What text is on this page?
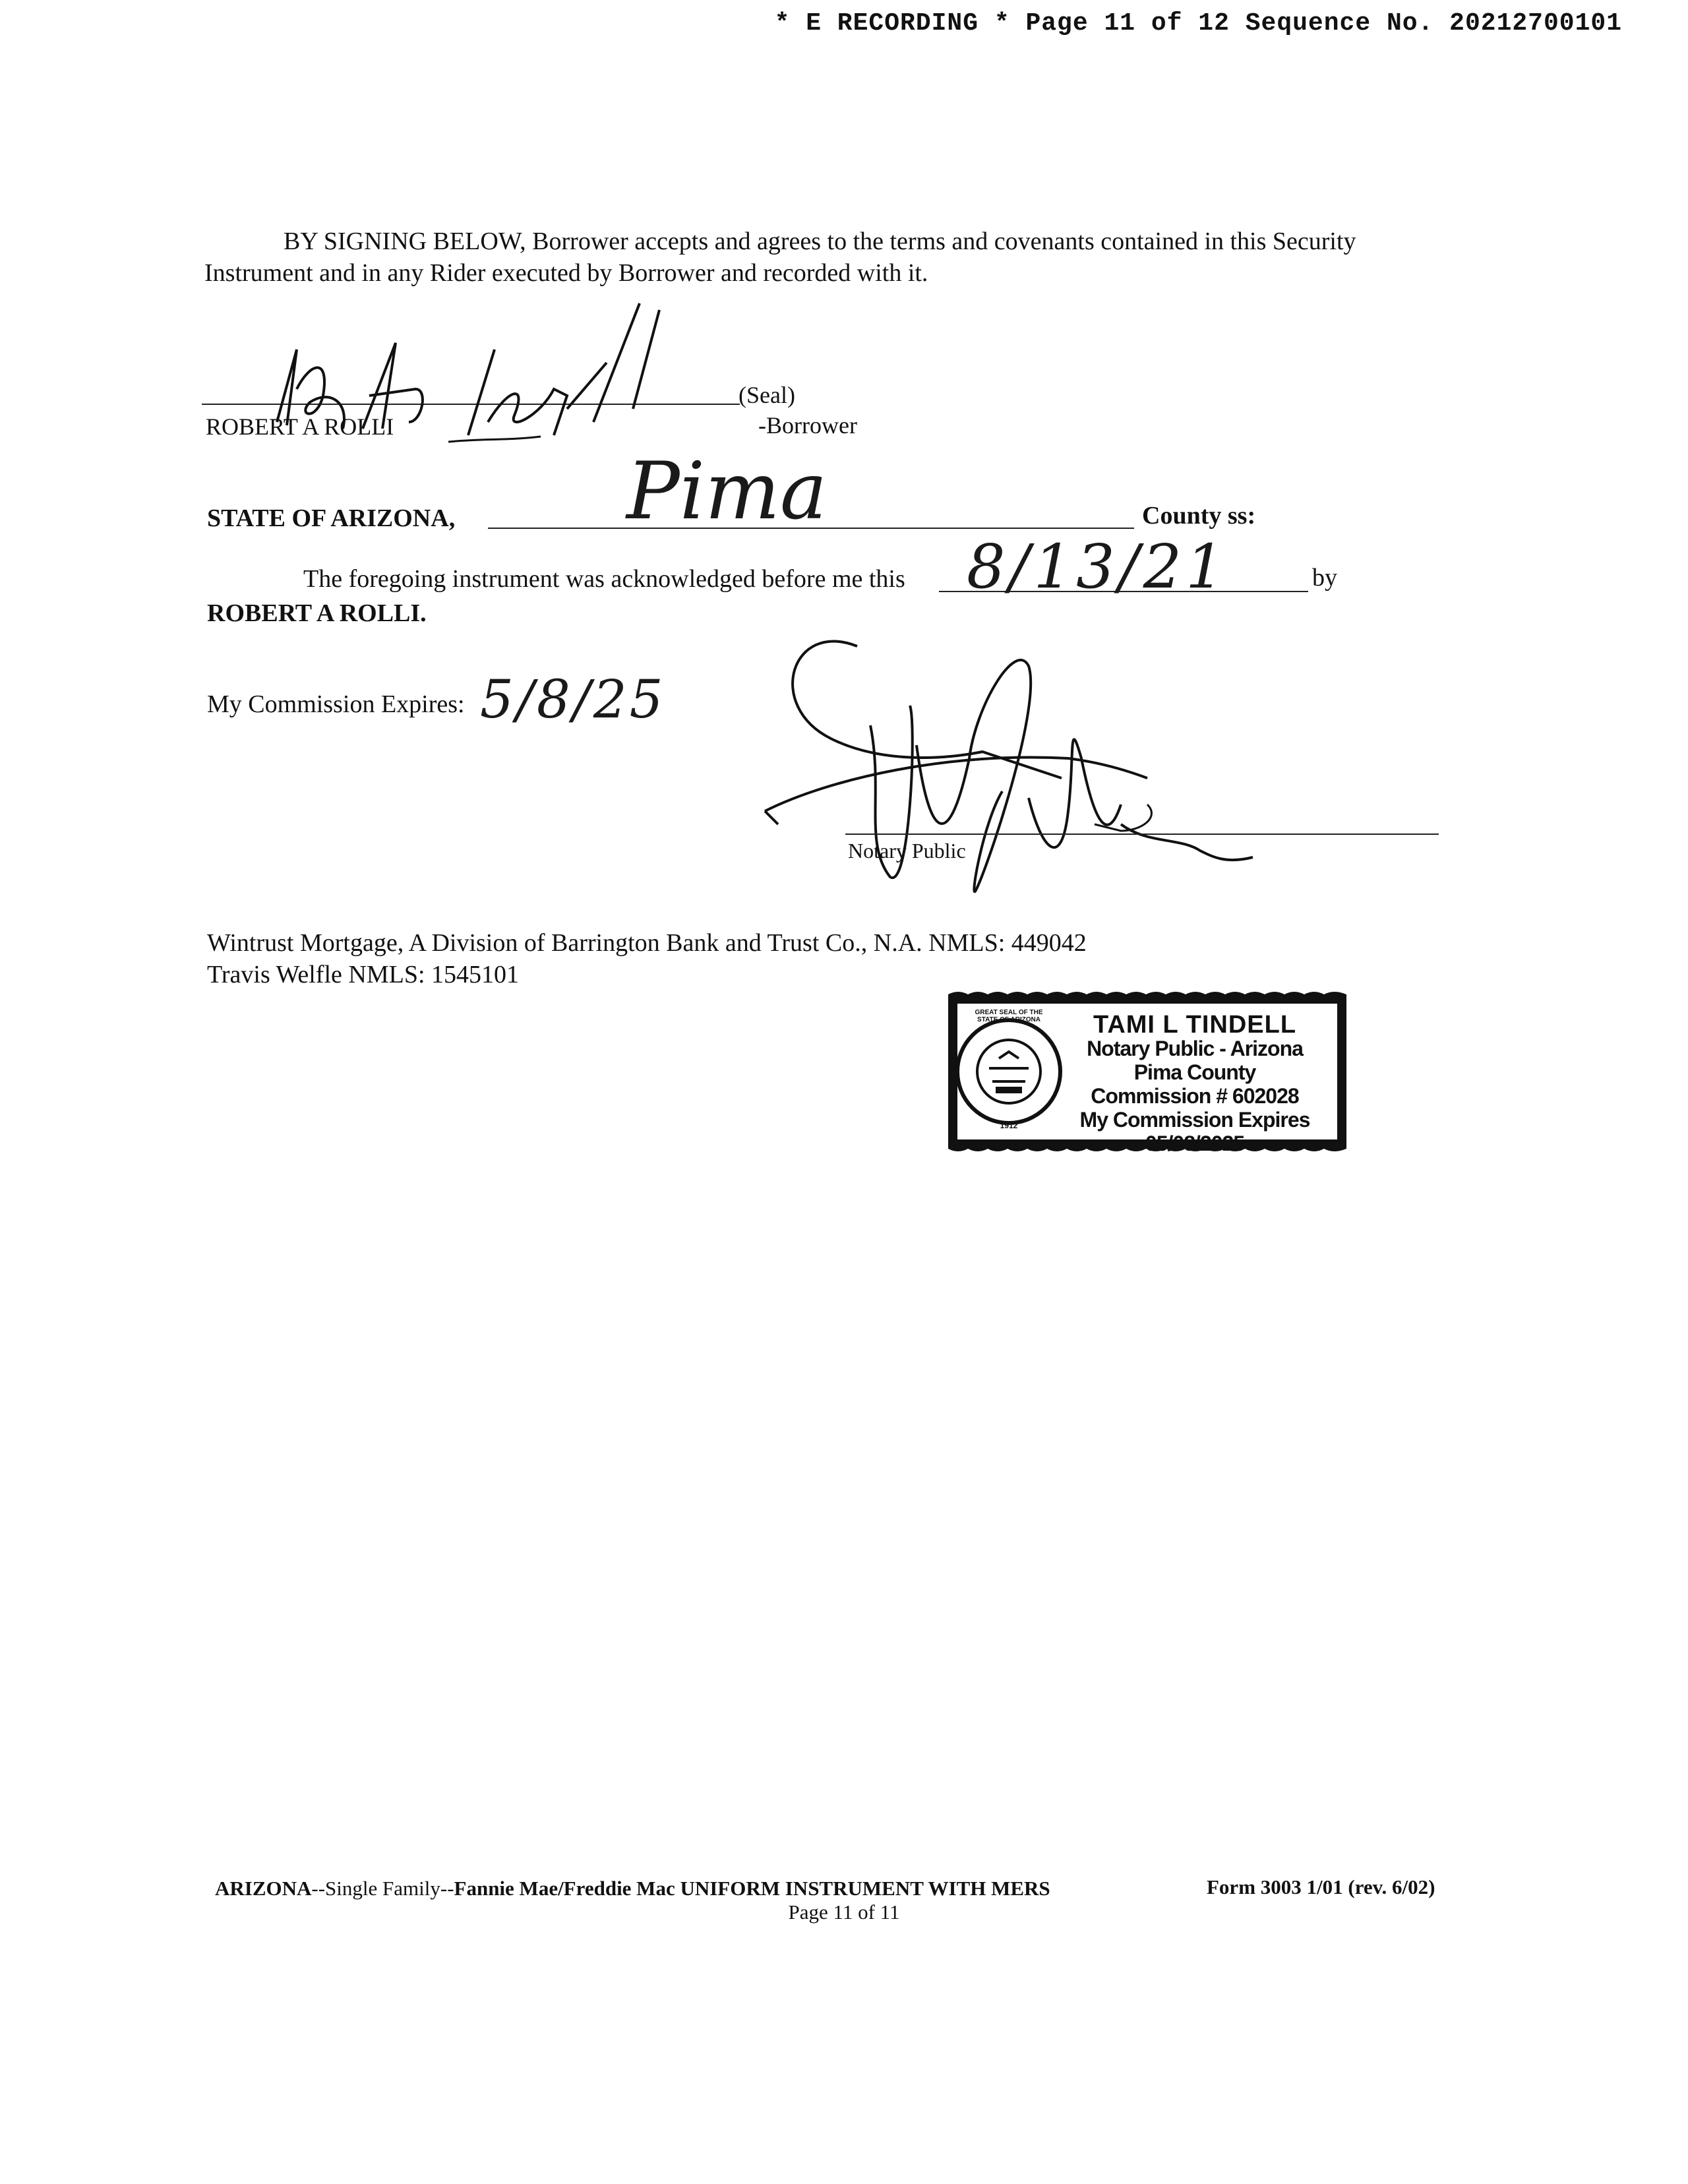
* E RECORDING * Page 11 of 12 Sequence No. 20212700101

BY SIGNING BELOW, Borrower accepts and agrees to the terms and covenants contained in this Security

Instrument and in any Rider executed by Borrower and recorded with it.

(Seal)
ROBERT A ROLLI	-Borrower
STATE OF ARIZONA, Pima	County ss:
The foregoing instrument was acknowledged before me this 8/13/21	by
ROBERT A ROLLI.
My Commission Expires: 5/8/25
Notary Public
Wintrust Mortgage, A Division of Barrington Bank and Trust Co., N.A. NMLS: 449042
Travis Welfle NMLS: 1545101
GREAT SEAL OF THE STATE OF ARIZONA
1912
TAMI L TINDELL
Notary Public - Arizona
Pima County
Commission # 602028
My Commission Expires 05/08/2025
ARIZONA--Single Family--Fannie Mae/Freddie Mac UNIFORM INSTRUMENT WITH MERS
Page 11 of 11
Form 3003 1/01 (rev. 6/02)
